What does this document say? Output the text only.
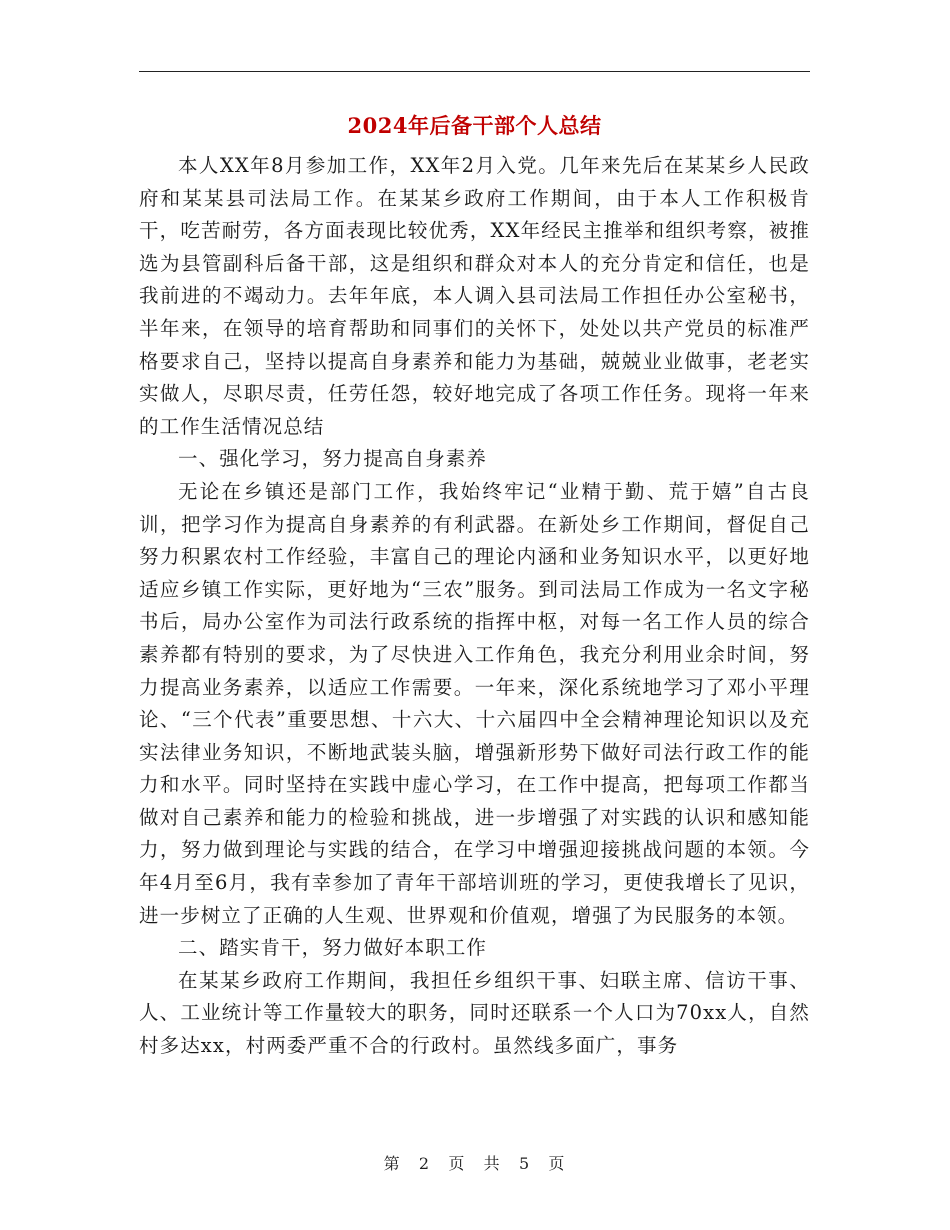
2024年后备干部个人总结

本人XX年8月参加工作，XX年2月入党。几年来先后在某某乡人民政府和某某县司法局工作。在某某乡政府工作期间，由于本人工作积极肯干，吃苦耐劳，各方面表现比较优秀，XX年经民主推举和组织考察，被推选为县管副科后备干部，这是组织和群众对本人的充分肯定和信任，也是我前进的不竭动力。去年年底，本人调入县司法局工作担任办公室秘书，半年来，在领导的培育帮助和同事们的关怀下，处处以共产党员的标准严格要求自己，坚持以提高自身素养和能力为基础，兢兢业业做事，老老实实做人，尽职尽责，任劳任怨，较好地完成了各项工作任务。现将一年来的工作生活情况总结

一、强化学习，努力提高自身素养

无论在乡镇还是部门工作，我始终牢记“业精于勤、荒于嬉”自古良训，把学习作为提高自身素养的有利武器。在新处乡工作期间，督促自己努力积累农村工作经验，丰富自己的理论内涵和业务知识水平，以更好地适应乡镇工作实际，更好地为“三农”服务。到司法局工作成为一名文字秘书后，局办公室作为司法行政系统的指挥中枢，对每一名工作人员的综合素养都有特别的要求，为了尽快进入工作角色，我充分利用业余时间，努力提高业务素养，以适应工作需要。一年来，深化系统地学习了邓小平理论、“三个代表”重要思想、十六大、十六届四中全会精神理论知识以及充实法律业务知识，不断地武装头脑，增强新形势下做好司法行政工作的能力和水平。同时坚持在实践中虚心学习，在工作中提高，把每项工作都当做对自己素养和能力的检验和挑战，进一步增强了对实践的认识和感知能力，努力做到理论与实践的结合，在学习中增强迎接挑战问题的本领。今年4月至6月，我有幸参加了青年干部培训班的学习，更使我增长了见识，进一步树立了正确的人生观、世界观和价值观，增强了为民服务的本领。

二、踏实肯干，努力做好本职工作

在某某乡政府工作期间，我担任乡组织干事、妇联主席、信访干事、人、工业统计等工作量较大的职务，同时还联系一个人口为70xx人，自然村多达xx，村两委严重不合的行政村。虽然线多面广，事务

第 2 页 共 5 页
